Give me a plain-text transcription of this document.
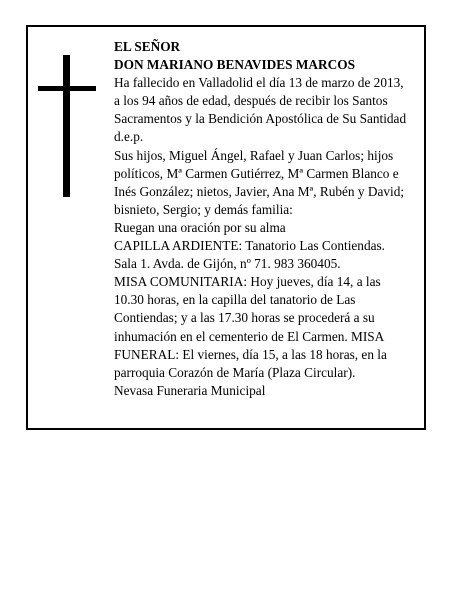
EL SEÑOR
DON MARIANO BENAVIDES MARCOS
Ha fallecido en Valladolid el día 13 de marzo de 2013,
a los 94 años de edad, después de recibir los Santos
Sacramentos y la Bendición Apostólica de Su Santidad
d.e.p.
Sus hijos, Miguel Ángel, Rafael y Juan Carlos; hijos
políticos, Mª Carmen Gutiérrez, Mª Carmen Blanco e
Inés González; nietos, Javier, Ana Mª, Rubén y David;
bisnieto, Sergio; y demás familia:
Ruegan una oración por su alma
CAPILLA ARDIENTE: Tanatorio Las Contiendas.
Sala 1. Avda. de Gijón, nº 71. 983 360405.
MISA COMUNITARIA: Hoy jueves, día 14, a las
10.30 horas, en la capilla del tanatorio de Las
Contiendas; y a las 17.30 horas se procederá a su
inhumación en el cementerio de El Carmen. MISA
FUNERAL: El viernes, día 15, a las 18 horas, en la
parroquia Corazón de María (Plaza Circular).
Nevasa Funeraria Municipal
